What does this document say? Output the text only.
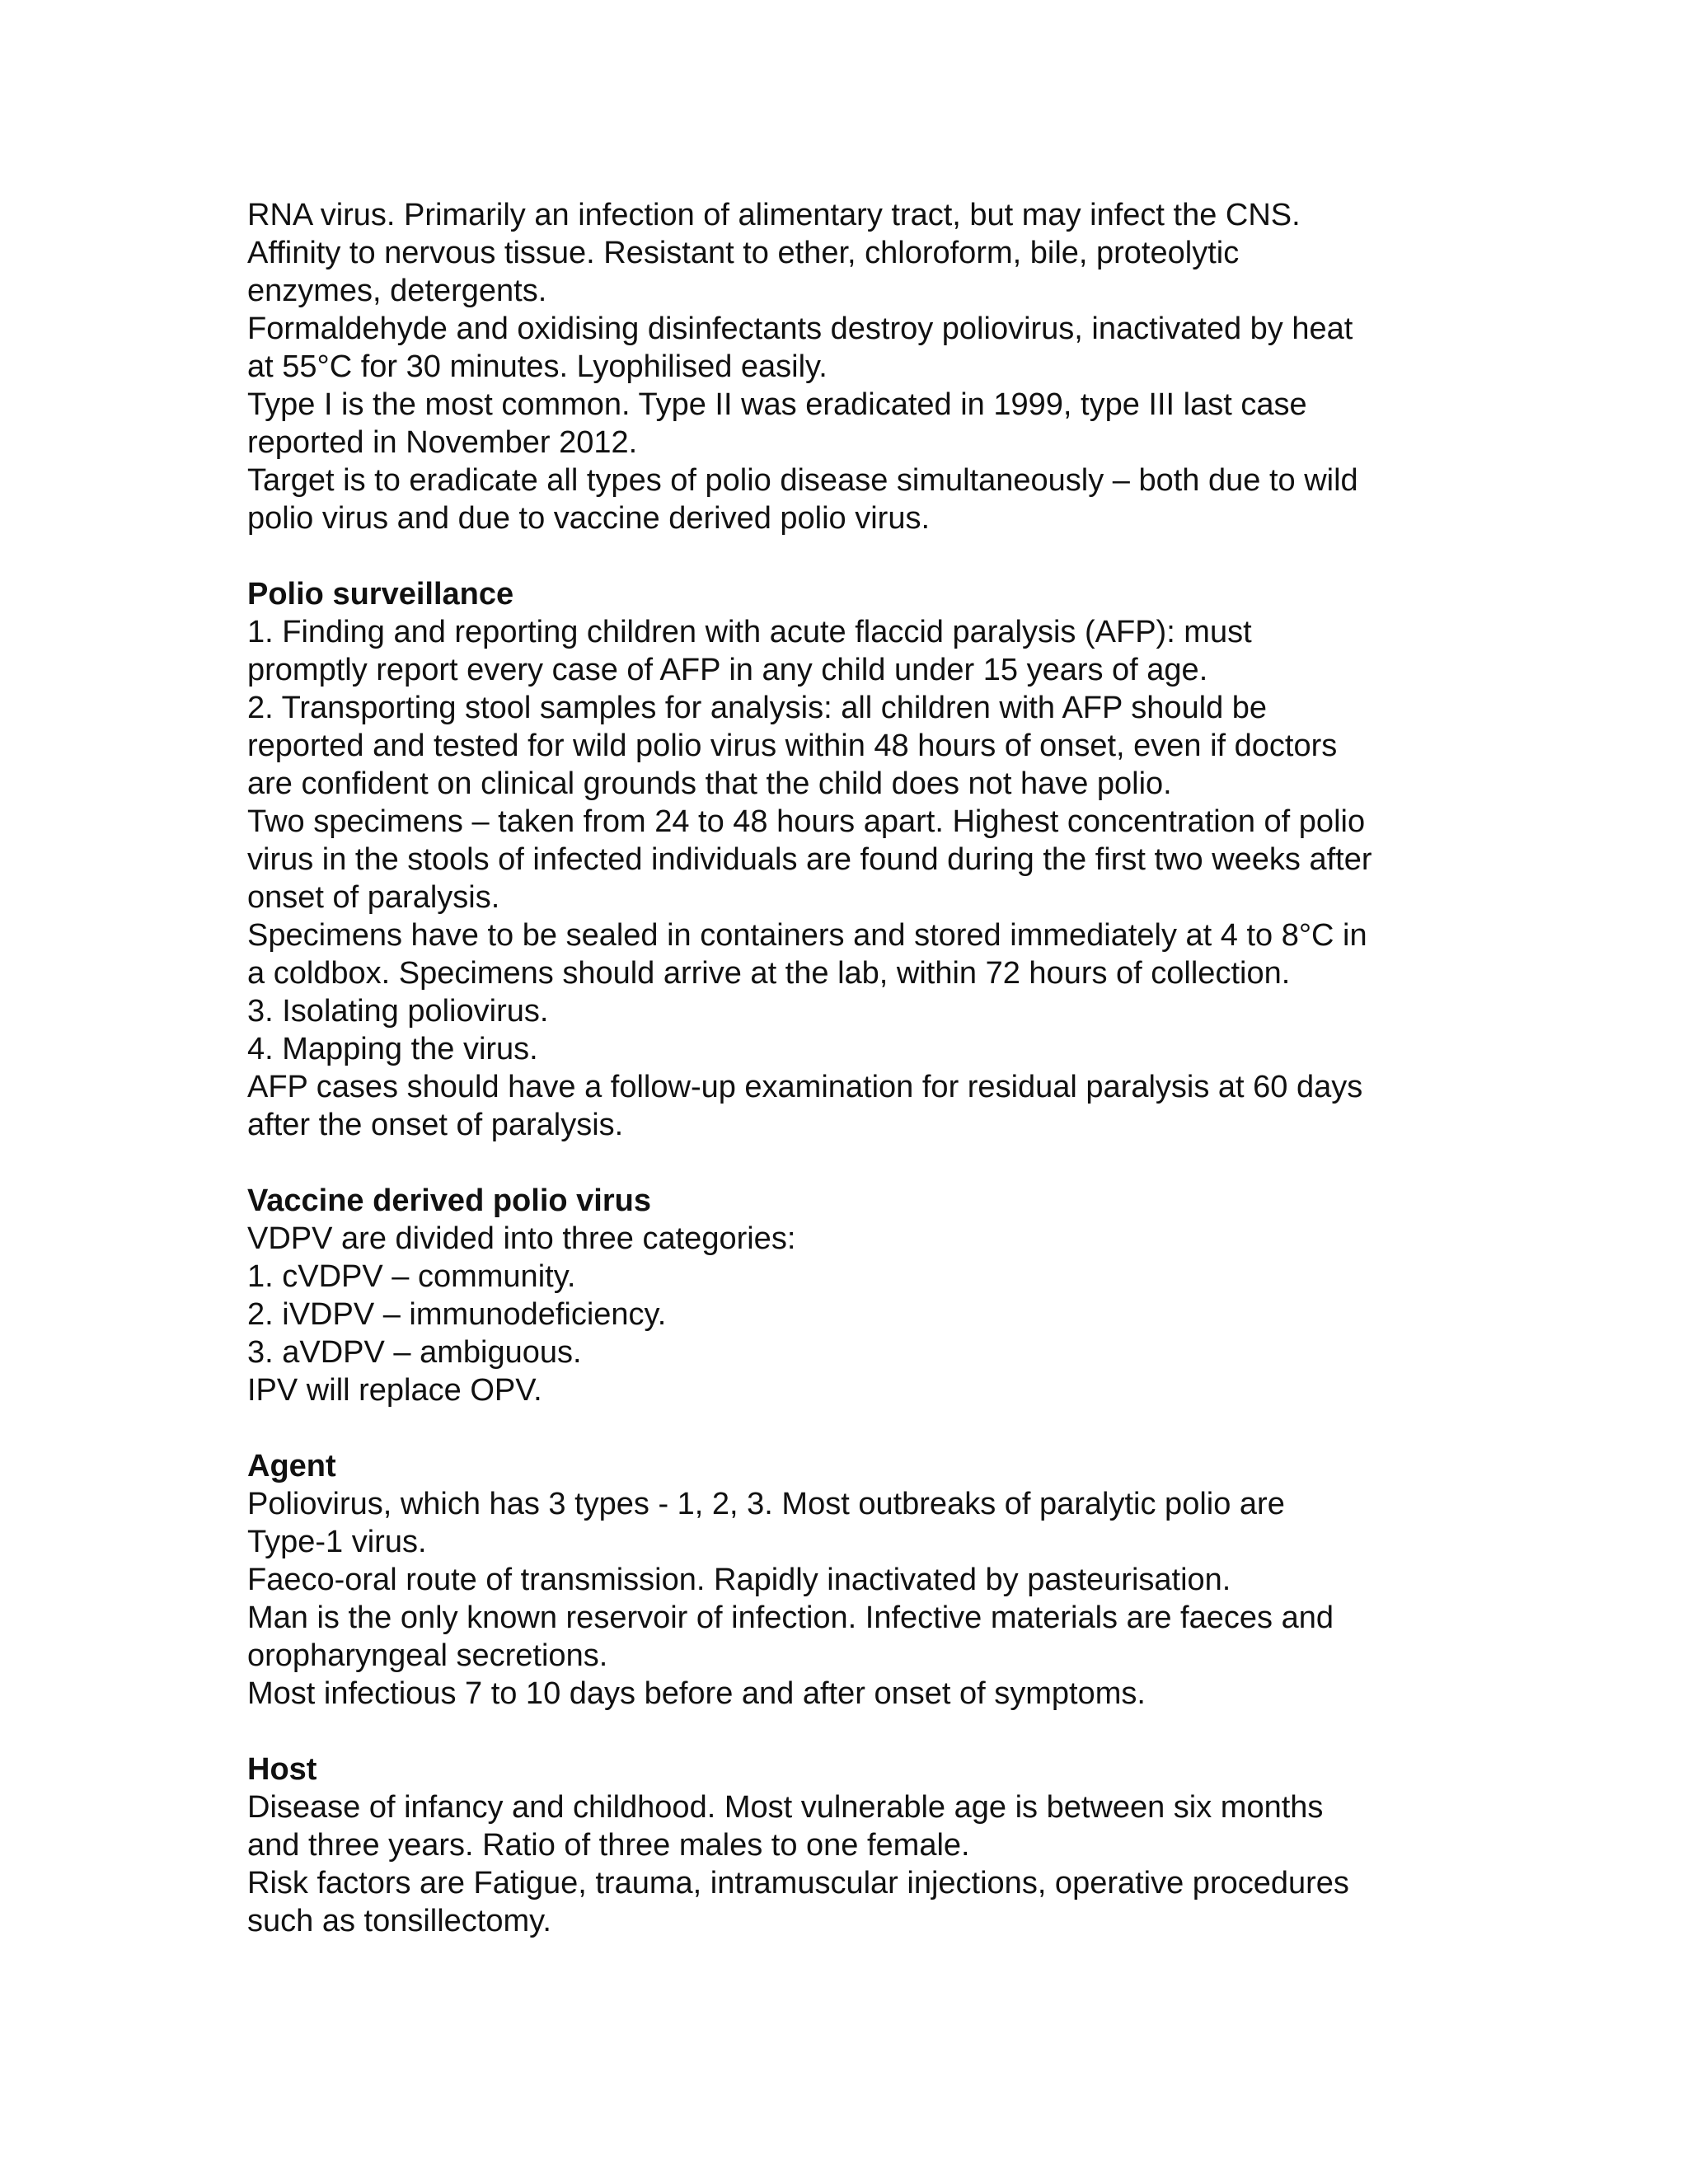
RNA virus. Primarily an infection of alimentary tract, but may infect the CNS.
Affinity to nervous tissue. Resistant to ether, chloroform, bile, proteolytic
enzymes, detergents.
Formaldehyde and oxidising disinfectants destroy poliovirus, inactivated by heat
at 55°C for 30 minutes. Lyophilised easily.
Type I is the most common. Type II was eradicated in 1999, type III last case
reported in November 2012.
Target is to eradicate all types of polio disease simultaneously – both due to wild
polio virus and due to vaccine derived polio virus.
Polio surveillance
1. Finding and reporting children with acute flaccid paralysis (AFP): must
promptly report every case of AFP in any child under 15 years of age.
2. Transporting stool samples for analysis: all children with AFP should be
reported and tested for wild polio virus within 48 hours of onset, even if doctors
are confident on clinical grounds that the child does not have polio.
Two specimens – taken from 24 to 48 hours apart. Highest concentration of polio
virus in the stools of infected individuals are found during the first two weeks after
onset of paralysis.
Specimens have to be sealed in containers and stored immediately at 4 to 8°C in
a coldbox. Specimens should arrive at the lab, within 72 hours of collection.
3. Isolating poliovirus.
4. Mapping the virus.
AFP cases should have a follow-up examination for residual paralysis at 60 days
after the onset of paralysis.
Vaccine derived polio virus
VDPV are divided into three categories:
1. cVDPV – community.
2. iVDPV – immunodeficiency.
3. aVDPV – ambiguous.
IPV will replace OPV.
Agent
Poliovirus, which has 3 types - 1, 2, 3. Most outbreaks of paralytic polio are
Type-1 virus.
Faeco-oral route of transmission. Rapidly inactivated by pasteurisation.
Man is the only known reservoir of infection. Infective materials are faeces and
oropharyngeal secretions.
Most infectious 7 to 10 days before and after onset of symptoms.
Host
Disease of infancy and childhood. Most vulnerable age is between six months
and three years. Ratio of three males to one female.
Risk factors are Fatigue, trauma, intramuscular injections, operative procedures
such as tonsillectomy.
